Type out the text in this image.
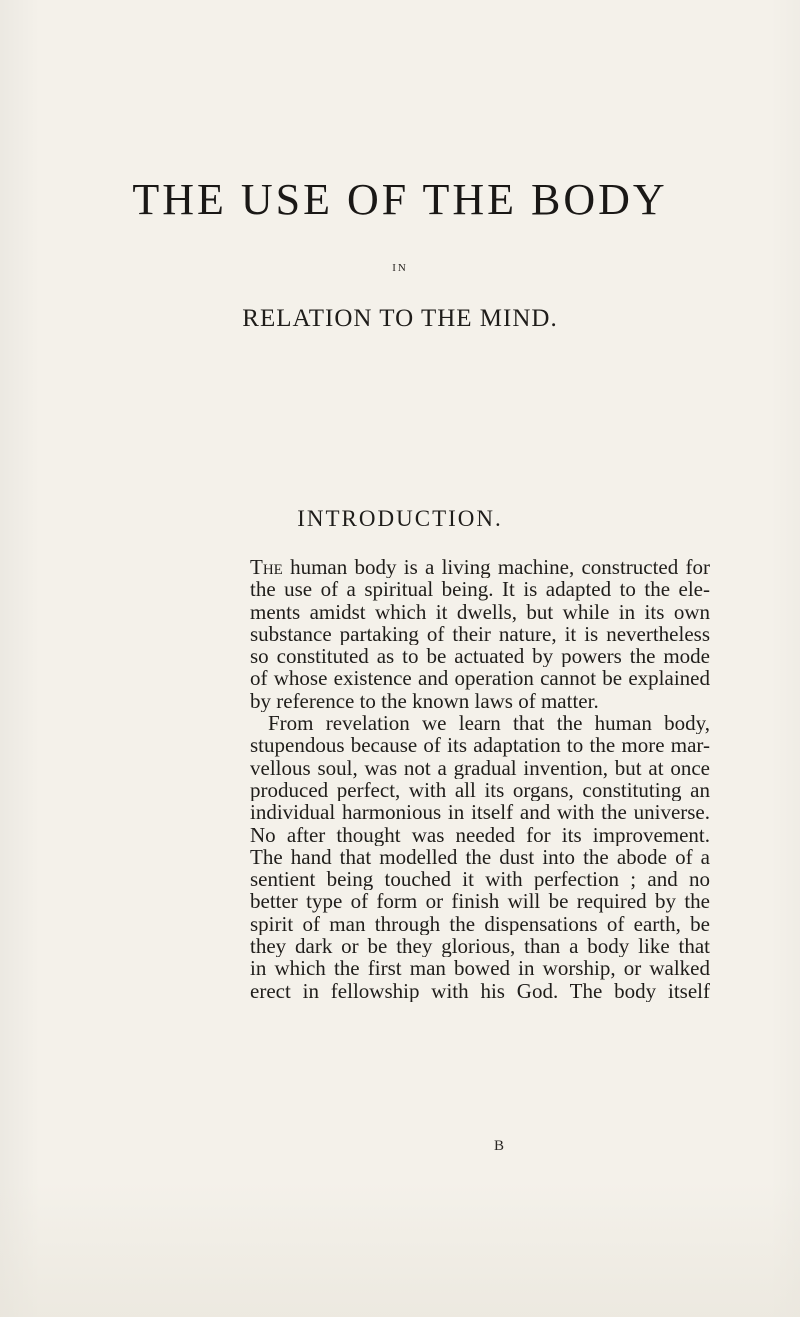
THE USE OF THE BODY
IN
RELATION TO THE MIND.
INTRODUCTION.
The human body is a living machine, constructed for
the use of a spiritual being. It is adapted to the ele-
ments amidst which it dwells, but while in its own
substance partaking of their nature, it is nevertheless
so constituted as to be actuated by powers the mode
of whose existence and operation cannot be explained
by reference to the known laws of matter.
From revelation we learn that the human body,
stupendous because of its adaptation to the more mar-
vellous soul, was not a gradual invention, but at once
produced perfect, with all its organs, constituting an
individual harmonious in itself and with the universe.
No after thought was needed for its improvement.
The hand that modelled the dust into the abode of a
sentient being touched it with perfection ; and no
better type of form or finish will be required by the
spirit of man through the dispensations of earth, be
they dark or be they glorious, than a body like that
in which the first man bowed in worship, or walked
erect in fellowship with his God. The body itself
B
